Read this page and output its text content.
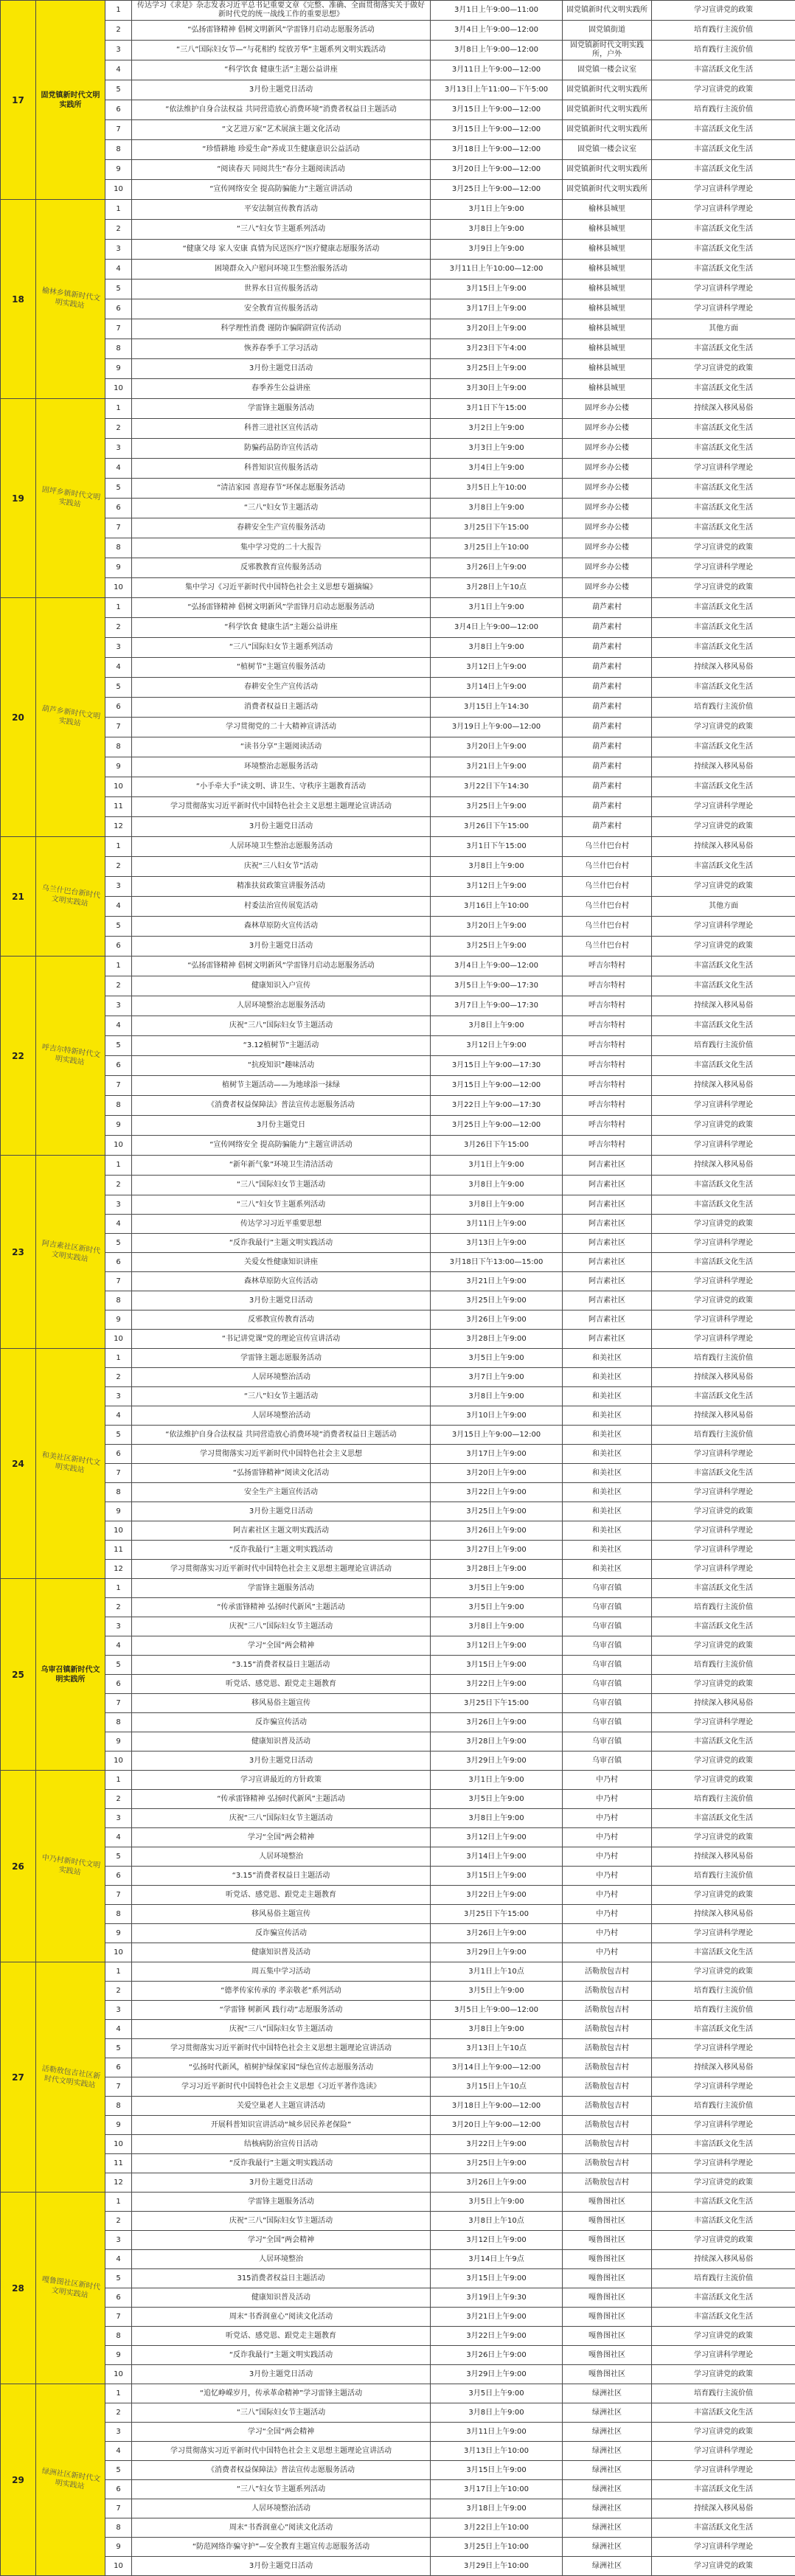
17	固党镇新时代文明实践所	1	传达学习《求是》杂志发表习近平总书记重要文章《完整、准确、全面贯彻落实关于做好新时代党的统一战线工作的重要思想》	3月1日上午9:00—11:00	固党镇新时代文明实践所	学习宣讲党的政策
		2	“弘扬雷锋精神 倡树文明新风”学雷锋月启动志愿服务活动	3月4日上午9:00—12:00	固党镇街道	培育践行主流价值
		3	“三八”国际妇女节—“与花相约 绽放芳华”主题系列文明实践活动	3月8日上午9:00—12:00	固党镇新时代文明实践所，户外	培育践行主流价值
		4	“科学饮食 健康生活”主题公益讲座	3月11日上午9:00—12:00	固党镇一楼会议室	丰富活跃文化生活
		5	3月份主题党日活动	3月13日上午11:00—下午5:00	固党镇新时代文明实践所	学习宣讲党的政策
		6	“依法维护自身合法权益 共同营造放心消费环境”消费者权益日主题活动	3月15日上午9:00—12:00	固党镇新时代文明实践所	培育践行主流价值
		7	“文艺进万家”艺术展演主题文化活动	3月15日上午9:00—12:00	固党镇新时代文明实践所	丰富活跃文化生活
		8	“珍惜耕地 珍爱生命”养成卫生健康意识公益活动	3月18日上午9:00—12:00	固党镇一楼会议室	丰富活跃文化生活
		9	“阅读春天 同阅共生”春分主题阅读活动	3月20日上午9:00—12:00	固党镇新时代文明实践所	丰富活跃文化生活
		10	“宣传网络安全 提高防骗能力”主题宣讲活动	3月25日上午9:00—12:00	固党镇新时代文明实践所	学习宣讲科学理论
18	榆林乡镇新时代文明实践站	1	平安法制宣传教育活动	3月1日上午9:00	榆林县城里	学习宣讲科学理论
		2	“三八”妇女节主题系列活动	3月8日上午9:00	榆林县城里	丰富活跃文化生活
		3	“健康父母 家人安康 真情为民送医疗”医疗健康志愿服务活动	3月9日上午9:00	榆林县城里	丰富活跃文化生活
		4	困境群众入户慰问环境卫生整治服务活动	3月11日上午10:00—12:00	榆林县城里	丰富活跃文化生活
		5	世界水日宣传服务活动	3月15日上午9:00	榆林县城里	学习宣讲科学理论
		6	安全教育宣传服务活动	3月17日上午9:00	榆林县城里	学习宣讲科学理论
		7	科学理性消费 谨防诈骗陷阱宣传活动	3月20日上午9:00	榆林县城里	其他方面
		8	恢养春季手工学习活动	3月23日下午4:00	榆林县城里	丰富活跃文化生活
		9	3月份主题党日活动	3月25日上午9:00	榆林县城里	学习宣讲党的政策
		10	春季养生公益讲座	3月30日上午9:00	榆林县城里	丰富活跃文化生活
19	固坪乡新时代文明实践站	1	学雷锋主题服务活动	3月1日下午15:00	固坪乡办公楼	持续深入移风易俗
		2	科普三进社区宣传活动	3月2日上午9:00	固坪乡办公楼	丰富活跃文化生活
		3	防骗药品防诈宣传活动	3月3日上午9:00	固坪乡办公楼	丰富活跃文化生活
		4	科普知识宣传服务活动	3月4日上午9:00	固坪乡办公楼	学习宣讲科学理论
		5	“清洁家园 喜迎春节”环保志愿服务活动	3月5日上午10:00	固坪乡办公楼	丰富活跃文化生活
		6	“三八”妇女节主题活动	3月8日上午9:00	固坪乡办公楼	丰富活跃文化生活
		7	春耕安全生产宣传服务活动	3月25日下午15:00	固坪乡办公楼	丰富活跃文化生活
		8	集中学习党的二十大报告	3月25日上午10:00	固坪乡办公楼	学习宣讲党的政策
		9	反邪教教育宣传服务活动	3月26日上午9:00	固坪乡办公楼	学习宣讲科学理论
		10	集中学习《习近平新时代中国特色社会主义思想专题摘编》	3月28日上午10点	固坪乡办公楼	学习宣讲党的政策
20	葫芦乡新时代文明实践站	1	“弘扬雷锋精神 倡树文明新风”学雷锋月启动志愿服务活动	3月1日上午9:00	葫芦素村	丰富活跃文化生活
		2	“科学饮食 健康生活”主题公益讲座	3月4日上午9:00—12:00	葫芦素村	丰富活跃文化生活
		3	“三八”国际妇女节主题系列活动	3月8日上午9:00	葫芦素村	丰富活跃文化生活
		4	“植树节”主题宣传服务活动	3月12日上午9:00	葫芦素村	持续深入移风易俗
		5	春耕安全生产宣传活动	3月14日上午9:00	葫芦素村	丰富活跃文化生活
		6	消费者权益日主题活动	3月15日上午14:30	葫芦素村	培育践行主流价值
		7	学习贯彻党的二十大精神宣讲活动	3月19日上午9:00—12:00	葫芦素村	学习宣讲党的政策
		8	“读书分享”主题阅读活动	3月20日上午9:00	葫芦素村	丰富活跃文化生活
		9	环境整治志愿服务活动	3月21日上午9:00	葫芦素村	持续深入移风易俗
		10	“小手牵大手”读文明、讲卫生、守秩序主题教育活动	3月22日下午14:30	葫芦素村	丰富活跃文化生活
		11	学习贯彻落实习近平新时代中国特色社会主义思想主题理论宣讲活动	3月25日上午9:00	葫芦素村	学习宣讲科学理论
		12	3月份主题党日活动	3月26日下午15:00	葫芦素村	学习宣讲党的政策
21	乌兰什巴台新时代文明实践站	1	人居环境卫生整治志愿服务活动	3月1日下午15:00	乌兰什巴台村	持续深入移风易俗
		2	庆祝“三八妇女节”活动	3月8日上午9:00	乌兰什巴台村	丰富活跃文化生活
		3	精准扶贫政策宣讲服务活动	3月12日上午9:00	乌兰什巴台村	学习宣讲党的政策
		4	村委法治宣传展览活动	3月16日上午10:00	乌兰什巴台村	其他方面
		5	森林草原防火宣传活动	3月20日上午9:00	乌兰什巴台村	学习宣讲科学理论
		6	3月份主题党日活动	3月25日上午9:00	乌兰什巴台村	学习宣讲党的政策
22	呼吉尔特新时代文明实践站	1	“弘扬雷锋精神 倡树文明新风”学雷锋月启动志愿服务活动	3月4日上午9:00—12:00	呼吉尔特村	丰富活跃文化生活
		2	健康知识入户宣传	3月5日上午9:00—17:30	呼吉尔特村	丰富活跃文化生活
		3	人居环境整治志愿服务活动	3月7日上午9:00—17:30	呼吉尔特村	持续深入移风易俗
		4	庆祝“三八”国际妇女节主题活动	3月8日上午9:00	呼吉尔特村	丰富活跃文化生活
		5	“3.12植树节”主题活动	3月12日上午9:00	呼吉尔特村	培育践行主流价值
		6	“抗疫知识”趣味活动	3月15日上午9:00—17:30	呼吉尔特村	丰富活跃文化生活
		7	植树节主题活动——为地球添一抹绿	3月15日上午9:00—12:00	呼吉尔特村	持续深入移风易俗
		8	《消费者权益保障法》普法宣传志愿服务活动	3月22日上午9:00—17:30	呼吉尔特村	学习宣讲科学理论
		9	3月份主题党日	3月25日上午9:00—12:00	呼吉尔特村	学习宣讲党的政策
		10	“宣传网络安全 提高防骗能力”主题宣讲活动	3月26日下午15:00	呼吉尔特村	学习宣讲科学理论
23	阿吉素社区新时代文明实践站	1	“新年新气象”环境卫生清洁活动	3月1日上午9:00	阿吉素社区	持续深入移风易俗
		2	“三八”国际妇女节主题活动	3月8日上午9:00	阿吉素社区	丰富活跃文化生活
		3	“三八”妇女节主题系列活动	3月8日上午9:00	阿吉素社区	丰富活跃文化生活
		4	传达学习习近平重要思想	3月11日上午9:00	阿吉素社区	学习宣讲党的政策
		5	“反诈我最行”主题文明实践活动	3月13日上午9:00	阿吉素社区	学习宣讲科学理论
		6	关爱女性健康知识讲座	3月18日下午13:00—15:00	阿吉素社区	丰富活跃文化生活
		7	森林草原防火宣传活动	3月21日上午9:00	阿吉素社区	学习宣讲科学理论
		8	3月份主题党日活动	3月25日上午9:00	阿吉素社区	学习宣讲党的政策
		9	反邪教宣传教育活动	3月26日上午9:00	阿吉素社区	学习宣讲科学理论
		10	“书记讲党课”党的理论宣传宣讲活动	3月28日上午9:00	阿吉素社区	学习宣讲科学理论
24	和美社区新时代文明实践站	1	学雷锋主题志愿服务活动	3月5日上午9:00	和美社区	培育践行主流价值
		2	人居环境整治活动	3月7日上午9:00	和美社区	持续深入移风易俗
		3	“三八”妇女节主题活动	3月8日上午9:00	和美社区	丰富活跃文化生活
		4	人居环境整治活动	3月10日上午9:00	和美社区	持续深入移风易俗
		5	“依法维护自身合法权益 共同营造放心消费环境”消费者权益日主题活动	3月15日上午9:00—12:00	和美社区	培育践行主流价值
		6	学习贯彻落实习近平新时代中国特色社会主义思想	3月17日上午9:00	和美社区	学习宣讲科学理论
		7	“弘扬雷锋精神”阅读文化活动	3月20日上午9:00	和美社区	丰富活跃文化生活
		8	安全生产主题宣传活动	3月22日上午9:00	和美社区	学习宣讲科学理论
		9	3月份主题党日活动	3月25日上午9:00	和美社区	学习宣讲党的政策
		10	阿吉素社区主题文明实践活动	3月26日上午9:00	和美社区	学习宣讲科学理论
		11	“反诈我最行”主题文明实践活动	3月27日上午9:00	和美社区	学习宣讲科学理论
		12	学习贯彻落实习近平新时代中国特色社会主义思想主题理论宣讲活动	3月28日上午9:00	和美社区	学习宣讲科学理论
25	乌审召镇新时代文明实践所	1	学雷锋主题服务活动	3月5日上午9:00	乌审召镇	丰富活跃文化生活
		2	“传承雷锋精神 弘扬时代新风”主题活动	3月5日上午9:00	乌审召镇	培育践行主流价值
		3	庆祝“三八”国际妇女节主题活动	3月8日上午9:00	乌审召镇	丰富活跃文化生活
		4	学习“全国”两会精神	3月12日上午9:00	乌审召镇	学习宣讲党的政策
		5	“3.15”消费者权益日主题活动	3月15日上午9:00	乌审召镇	培育践行主流价值
		6	听党话、感党恩、跟党走主题教育	3月22日上午9:00	乌审召镇	学习宣讲党的政策
		7	移风易俗主题宣传	3月25日下午15:00	乌审召镇	持续深入移风易俗
		8	反诈骗宣传活动	3月26日上午9:00	乌审召镇	学习宣讲科学理论
		9	健康知识普及活动	3月28日上午9:00	乌审召镇	丰富活跃文化生活
		10	3月份主题党日活动	3月29日上午9:00	乌审召镇	学习宣讲党的政策
26	中乃村新时代文明实践站	1	学习宣讲最近的方针政策	3月1日上午9:00	中乃村	学习宣讲党的政策
		2	“传承雷锋精神 弘扬时代新风”主题活动	3月5日上午9:00	中乃村	培育践行主流价值
		3	庆祝“三八”国际妇女节主题活动	3月8日上午9:00	中乃村	丰富活跃文化生活
		4	学习“全国”两会精神	3月12日上午9:00	中乃村	学习宣讲党的政策
		5	人居环境整治	3月14日上午9:00	中乃村	持续深入移风易俗
		6	“3.15”消费者权益日主题活动	3月15日上午9:00	中乃村	培育践行主流价值
		7	听党话、感党恩、跟党走主题教育	3月22日上午9:00	中乃村	学习宣讲党的政策
		8	移风易俗主题宣传	3月25日下午15:00	中乃村	持续深入移风易俗
		9	反诈骗宣传活动	3月26日上午9:00	中乃村	学习宣讲科学理论
		10	健康知识普及活动	3月29日上午9:00	中乃村	丰富活跃文化生活
27	活勒敖包吉社区新时代文明实践站	1	周五集中学习活动	3月1日上午10点	活勒敖包吉村	学习宣讲党的政策
		2	“德孝传家传承的 孝亲敬老”系列活动	3月5日上午9:00	活勒敖包吉村	培育践行主流价值
		3	“学雷锋 树新风 践行动”志愿服务活动	3月5日上午9:00—12:00	活勒敖包吉村	培育践行主流价值
		4	庆祝“三八”国际妇女节主题活动	3月8日上午9:00	活勒敖包吉村	丰富活跃文化生活
		5	学习贯彻落实习近平新时代中国特色社会主义思想主题理论宣讲活动	3月13日上午10点	活勒敖包吉村	学习宣讲科学理论
		6	“弘扬时代新风，植树护绿保家园”绿色宣传志愿服务活动	3月14日上午9:00—12:00	活勒敖包吉村	持续深入移风易俗
		7	学习习近平新时代中国特色社会主义思想《习近平著作选读》	3月15日上午10点	活勒敖包吉村	学习宣讲科学理论
		8	关爱空巢老人主题宣讲活动	3月18日上午9:00—12:00	活勒敖包吉村	培育践行主流价值
		9	开展科普知识宣讲活动“城乡居民养老保险”	3月20日上午9:00—12:00	活勒敖包吉村	学习宣讲科学理论
		10	结核病防治宣传日活动	3月22日上午9:00	活勒敖包吉村	丰富活跃文化生活
		11	“反诈我最行”主题文明实践活动	3月25日上午9:00	活勒敖包吉村	学习宣讲科学理论
		12	3月份主题党日活动	3月26日上午9:00	活勒敖包吉村	学习宣讲党的政策
28	嘎鲁图社区新时代文明实践站	1	学雷锋主题服务活动	3月5日上午9:00	嘎鲁图社区	丰富活跃文化生活
		2	庆祝“三八”国际妇女节主题活动	3月8日上午10点	嘎鲁图社区	丰富活跃文化生活
		3	学习“全国”两会精神	3月12日上午9:00	嘎鲁图社区	学习宣讲党的政策
		4	人居环境整治	3月14日上午9点	嘎鲁图社区	持续深入移风易俗
		5	315消费者权益日主题活动	3月15日上午9:00	嘎鲁图社区	培育践行主流价值
		6	健康知识普及活动	3月19日上午9:30	嘎鲁图社区	丰富活跃文化生活
		7	周末“书香润童心”阅读文化活动	3月21日上午9:00	嘎鲁图社区	丰富活跃文化生活
		8	听党话、感党恩、跟党走主题教育	3月22日上午9:00	嘎鲁图社区	学习宣讲党的政策
		9	“反诈我最行”主题文明实践活动	3月26日上午9:00	嘎鲁图社区	学习宣讲科学理论
		10	3月份主题党日活动	3月29日上午9:00	嘎鲁图社区	学习宣讲党的政策
29	绿洲社区新时代文明实践站	1	“追忆峥嵘岁月，传承革命精神”学习雷锋主题活动	3月5日上午9:00	绿洲社区	培育践行主流价值
		2	“三八”国际妇女节主题活动	3月8日上午9:00	绿洲社区	丰富活跃文化生活
		3	学习“全国”两会精神	3月11日上午9:00	绿洲社区	学习宣讲党的政策
		4	学习贯彻落实习近平新时代中国特色社会主义思想主题理论宣讲活动	3月13日上午10:00	绿洲社区	学习宣讲科学理论
		5	《消费者权益保障法》普法宣传志愿服务活动	3月15日上午9:00	绿洲社区	学习宣讲科学理论
		6	“三八”妇女节主题系列活动	3月17日上午10:00	绿洲社区	丰富活跃文化生活
		7	人居环境整治活动	3月18日上午9:00	绿洲社区	持续深入移风易俗
		8	周末“书香润童心”阅读文化活动	3月22日上午10:00	绿洲社区	丰富活跃文化生活
		9	“防范网络诈骗守护”—安全教育主题宣传志愿服务活动	3月25日上午10:00	绿洲社区	学习宣讲科学理论
		10	3月份主题党日活动	3月29日上午10:00	绿洲社区	学习宣讲党的政策
